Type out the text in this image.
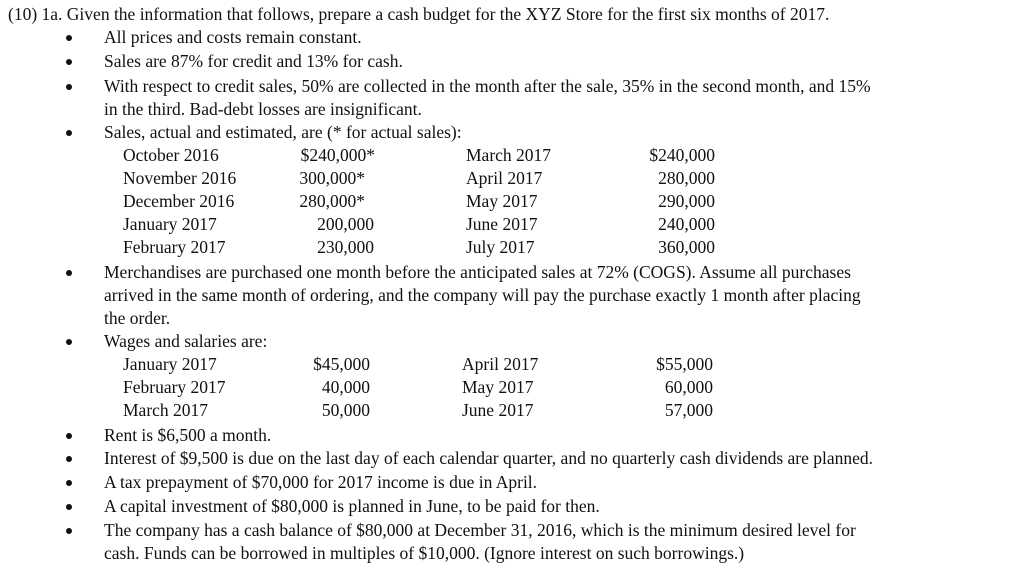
(10) 1a. Given the information that follows, prepare a cash budget for the XYZ Store for the first six months of 2017.
All prices and costs remain constant.
Sales are 87% for credit and 13% for cash.
With respect to credit sales, 50% are collected in the month after the sale, 35% in the second month, and 15%
in the third. Bad-debt losses are insignificant.
Sales, actual and estimated, are (* for actual sales):
October 2016	$240,000*	March 2017	$240,000
November 2016	300,000*	April 2017	280,000
December 2016	280,000*	May 2017	290,000
January 2017	200,000	June 2017	240,000
February 2017	230,000	July 2017	360,000
Merchandises are purchased one month before the anticipated sales at 72% (COGS). Assume all purchases
arrived in the same month of ordering, and the company will pay the purchase exactly 1 month after placing
the order.
Wages and salaries are:
January 2017	$45,000	April 2017	$55,000
February 2017	40,000	May 2017	60,000
March 2017	50,000	June 2017	57,000
Rent is $6,500 a month.
Interest of $9,500 is due on the last day of each calendar quarter, and no quarterly cash dividends are planned.
A tax prepayment of $70,000 for 2017 income is due in April.
A capital investment of $80,000 is planned in June, to be paid for then.
The company has a cash balance of $80,000 at December 31, 2016, which is the minimum desired level for
cash. Funds can be borrowed in multiples of $10,000. (Ignore interest on such borrowings.)
